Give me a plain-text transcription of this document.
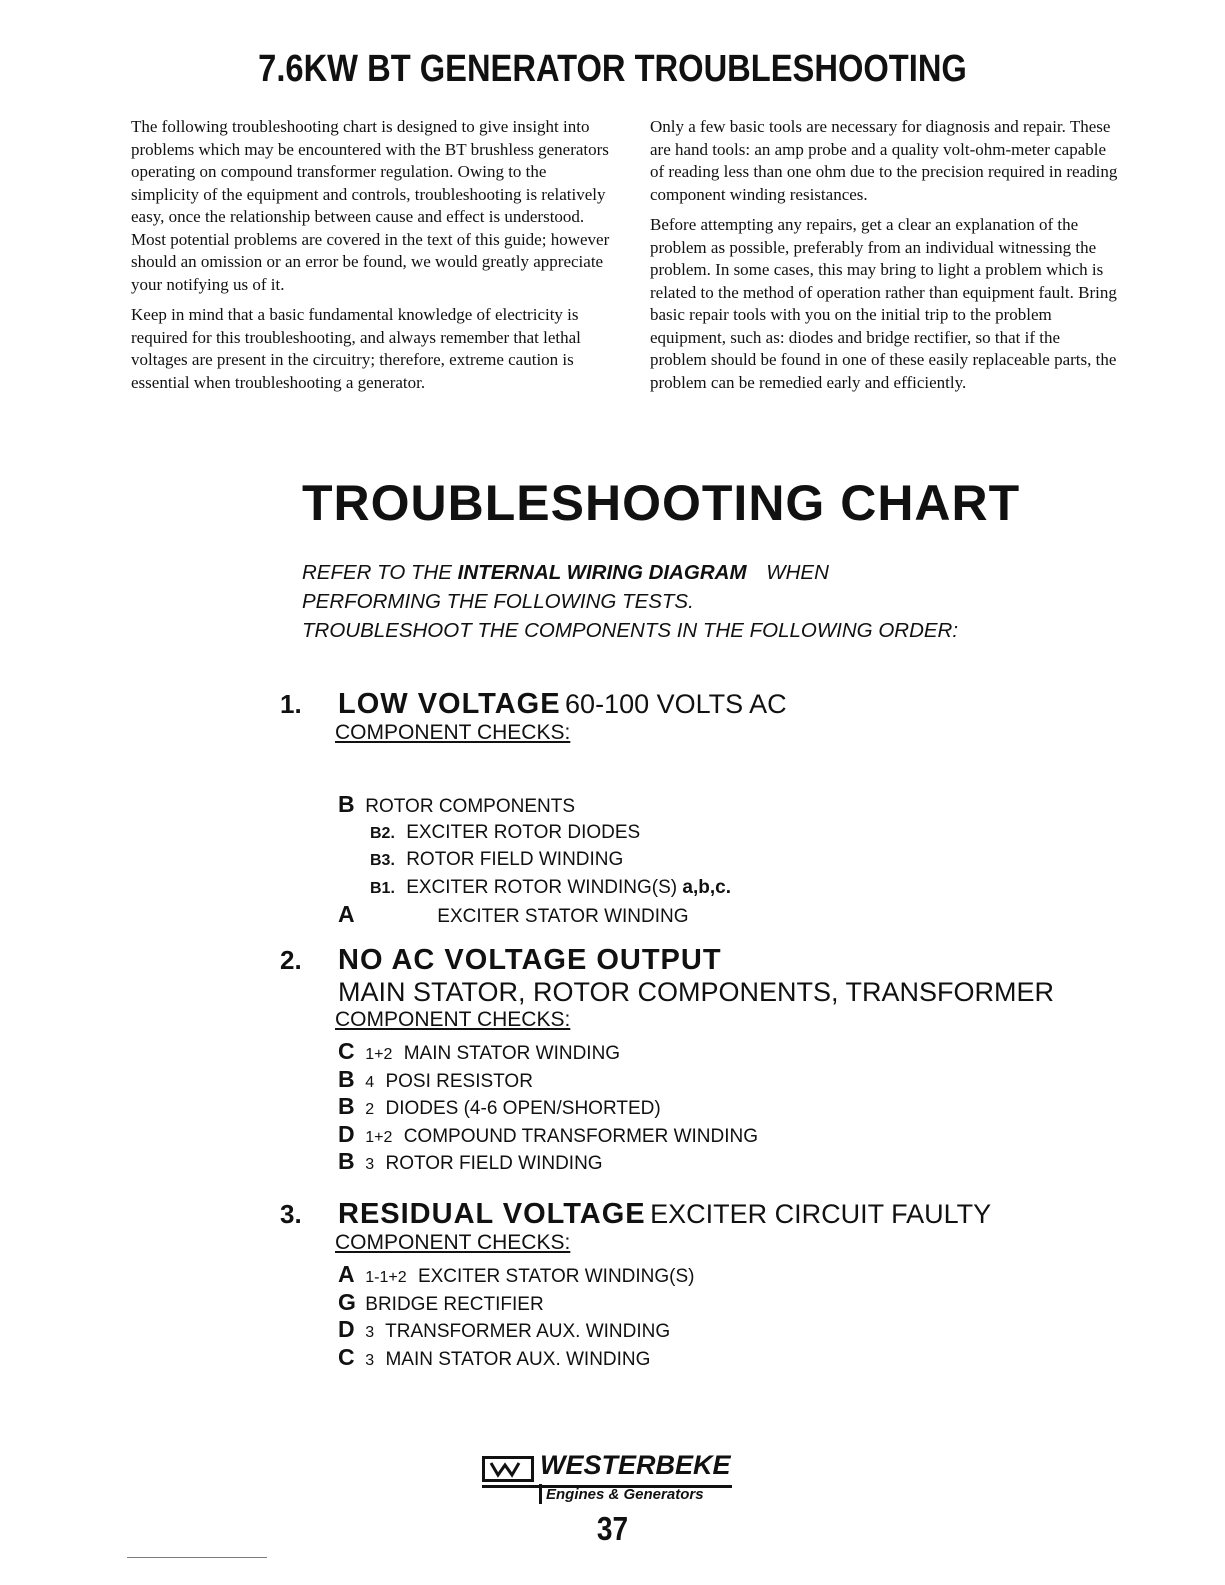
7.6KW BT GENERATOR TROUBLESHOOTING

The following troubleshooting chart is designed to give insight into problems which may be encountered with the BT brushless generators operating on compound transformer regulation. Owing to the simplicity of the equipment and controls, troubleshooting is relatively easy, once the relationship between cause and effect is understood. Most potential problems are covered in the text of this guide; however should an omission or an error be found, we would greatly appreciate your notifying us of it.

Keep in mind that a basic fundamental knowledge of electricity is required for this troubleshooting, and always remember that lethal voltages are present in the circuitry; therefore, extreme caution is essential when troubleshooting a generator.

Only a few basic tools are necessary for diagnosis and repair. These are hand tools: an amp probe and a quality volt-ohm-meter capable of reading less than one ohm due to the precision required in reading component winding resistances.

Before attempting any repairs, get a clear an explanation of the problem as possible, preferably from an individual witnessing the problem. In some cases, this may bring to light a problem which is related to the method of operation rather than equipment fault. Bring basic repair tools with you on the initial trip to the problem equipment, such as: diodes and bridge rectifier, so that if the problem should be found in one of these easily replaceable parts, the problem can be remedied early and efficiently.

TROUBLESHOOTING CHART
REFER TO THE INTERNAL WIRING DIAGRAM WHEN
PERFORMING THE FOLLOWING TESTS.
TROUBLESHOOT THE COMPONENTS IN THE FOLLOWING ORDER:
1. LOW VOLTAGE 60-100 VOLTS AC
COMPONENT CHECKS:
B ROTOR COMPONENTS
B2. EXCITER ROTOR DIODES
B3. ROTOR FIELD WINDING
B1. EXCITER ROTOR WINDING(S) a,b,c.
A	EXCITER STATOR WINDING
2. NO AC VOLTAGE OUTPUT
MAIN STATOR, ROTOR COMPONENTS, TRANSFORMER
COMPONENT CHECKS:
C 1+2 MAIN STATOR WINDING
B 4 POSI RESISTOR
B 2 DIODES (4-6 OPEN/SHORTED)
D 1+2 COMPOUND TRANSFORMER WINDING
B 3 ROTOR FIELD WINDING
3. RESIDUAL VOLTAGE EXCITER CIRCUIT FAULTY
COMPONENT CHECKS:
A 1-1+2 EXCITER STATOR WINDING(S)
G BRIDGE RECTIFIER
D 3 TRANSFORMER AUX. WINDING
C 3 MAIN STATOR AUX. WINDING
WESTERBEKE
Engines & Generators
37
